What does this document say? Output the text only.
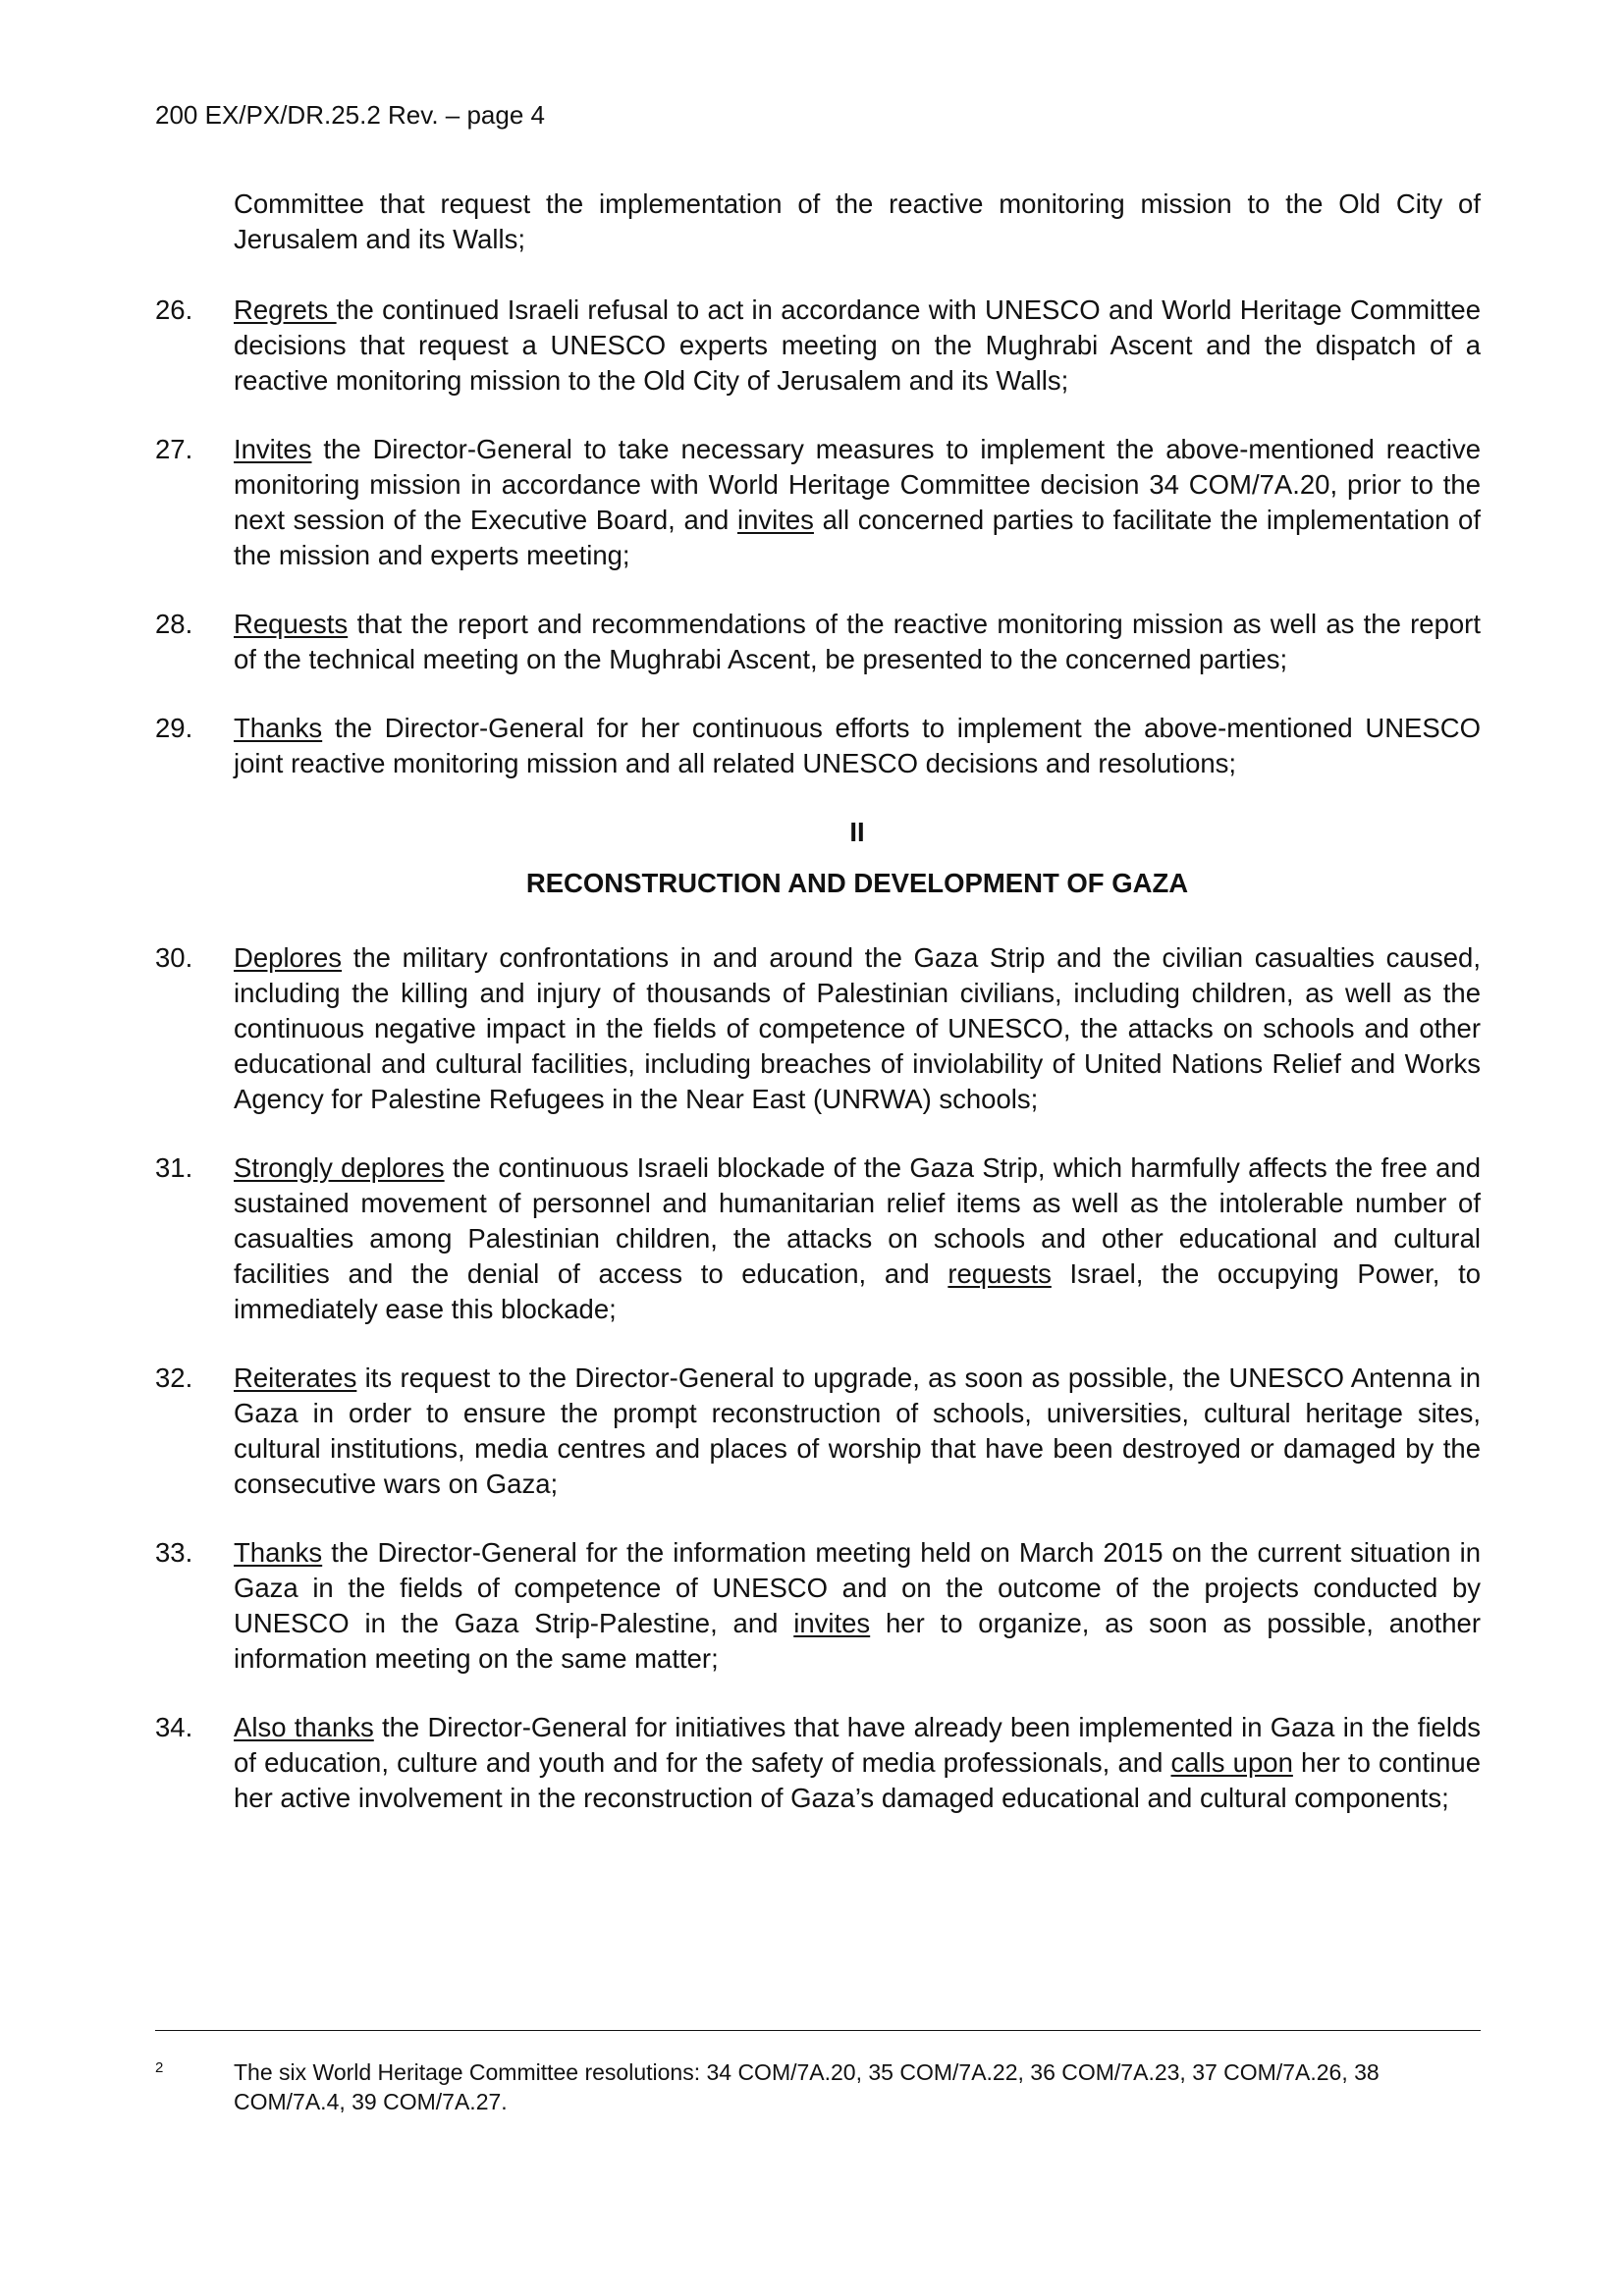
200 EX/PX/DR.25.2 Rev. – page 4
Committee that request the implementation of the reactive monitoring mission to the Old City of Jerusalem and its Walls;
26.	Regrets the continued Israeli refusal to act in accordance with UNESCO and World Heritage Committee decisions that request a UNESCO experts meeting on the Mughrabi Ascent and the dispatch of a reactive monitoring mission to the Old City of Jerusalem and its Walls;
27.	Invites the Director-General to take necessary measures to implement the above-mentioned reactive monitoring mission in accordance with World Heritage Committee decision 34 COM/7A.20, prior to the next session of the Executive Board, and invites all concerned parties to facilitate the implementation of the mission and experts meeting;
28.	Requests that the report and recommendations of the reactive monitoring mission as well as the report of the technical meeting on the Mughrabi Ascent, be presented to the concerned parties;
29.	Thanks the Director-General for her continuous efforts to implement the above-mentioned UNESCO joint reactive monitoring mission and all related UNESCO decisions and resolutions;
II
RECONSTRUCTION AND DEVELOPMENT OF GAZA
30.	Deplores the military confrontations in and around the Gaza Strip and the civilian casualties caused, including the killing and injury of thousands of Palestinian civilians, including children, as well as the continuous negative impact in the fields of competence of UNESCO, the attacks on schools and other educational and cultural facilities, including breaches of inviolability of United Nations Relief and Works Agency for Palestine Refugees in the Near East (UNRWA) schools;
31.	Strongly deplores the continuous Israeli blockade of the Gaza Strip, which harmfully affects the free and sustained movement of personnel and humanitarian relief items as well as the intolerable number of casualties among Palestinian children, the attacks on schools and other educational and cultural facilities and the denial of access to education, and requests Israel, the occupying Power, to immediately ease this blockade;
32.	Reiterates its request to the Director-General to upgrade, as soon as possible, the UNESCO Antenna in Gaza in order to ensure the prompt reconstruction of schools, universities, cultural heritage sites, cultural institutions, media centres and places of worship that have been destroyed or damaged by the consecutive wars on Gaza;
33.	Thanks the Director-General for the information meeting held on March 2015 on the current situation in Gaza in the fields of competence of UNESCO and on the outcome of the projects conducted by UNESCO in the Gaza Strip-Palestine, and invites her to organize, as soon as possible, another information meeting on the same matter;
34.	Also thanks the Director-General for initiatives that have already been implemented in Gaza in the fields of education, culture and youth and for the safety of media professionals, and calls upon her to continue her active involvement in the reconstruction of Gaza’s damaged educational and cultural components;
2	The six World Heritage Committee resolutions: 34 COM/7A.20, 35 COM/7A.22, 36 COM/7A.23, 37 COM/7A.26, 38 COM/7A.4, 39 COM/7A.27.
